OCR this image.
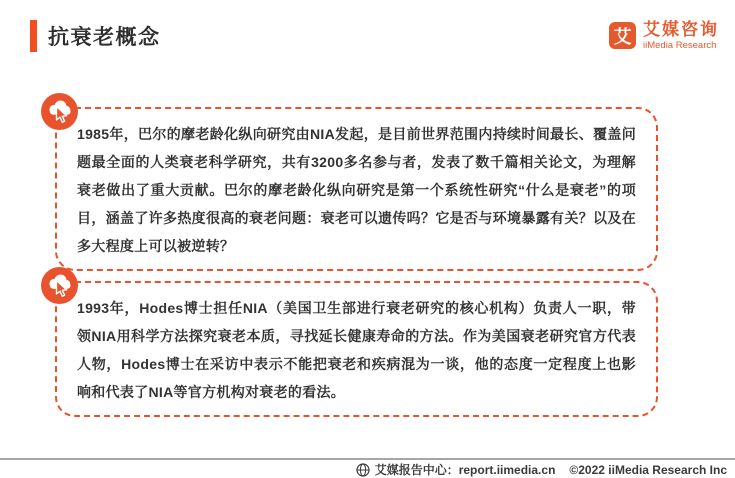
抗衰老概念	艾 艾媒咨询
iiMedia Research

1985年，巴尔的摩老龄化纵向研究由NIA发起，是目前世界范围内持续时间最长、覆盖问题最全面的人类衰老科学研究，共有3200多名参与者，发表了数千篇相关论文，为理解衰老做出了重大贡献。巴尔的摩老龄化纵向研究是第一个系统性研究“什么是衰老”的项目，涵盖了许多热度很高的衰老问题：衰老可以遗传吗？它是否与环境暴露有关？以及在多大程度上可以被逆转？

1993年，Hodes博士担任NIA（美国卫生部进行衰老研究的核心机构）负责人一职，带领NIA用科学方法探究衰老本质，寻找延长健康寿命的方法。作为美国衰老研究官方代表人物，Hodes博士在采访中表示不能把衰老和疾病混为一谈，他的态度一定程度上也影响和代表了NIA等官方机构对衰老的看法。

艾媒报告中心： report.iimedia.cn ©2022 iiMedia Research Inc
